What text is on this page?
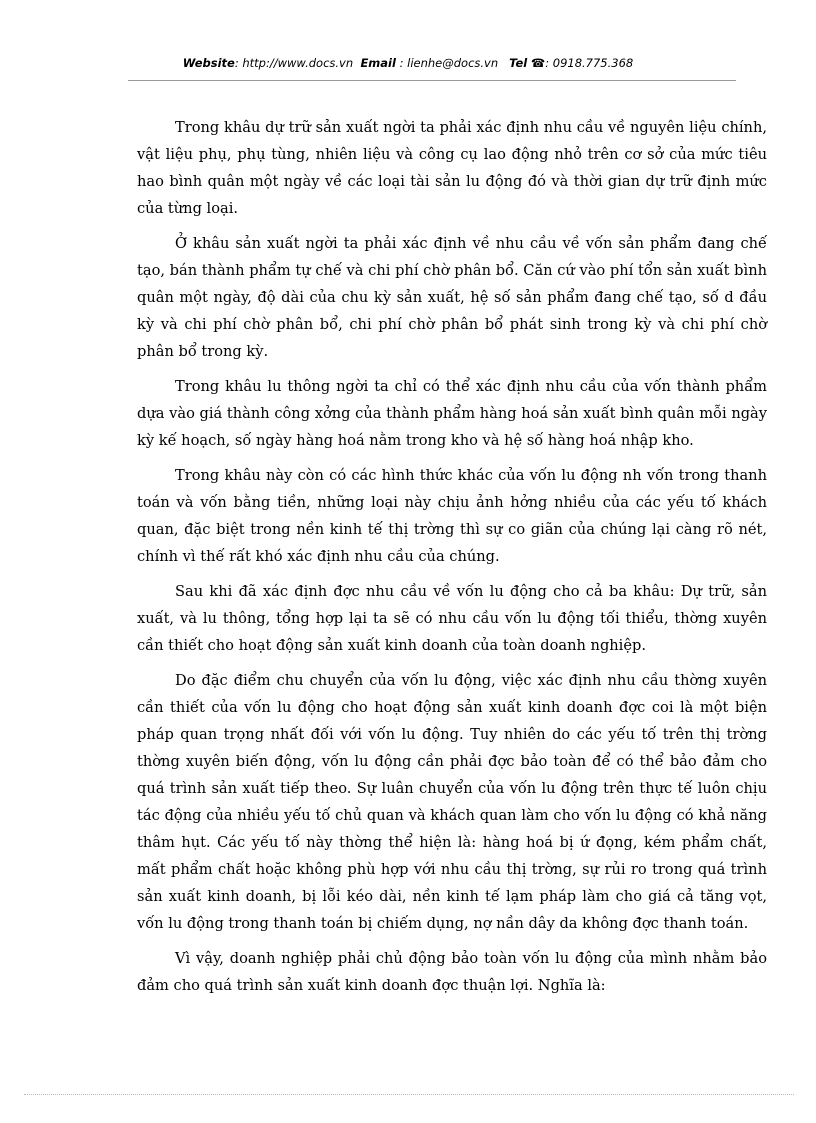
Website: http://www.docs.vn Email : lienhe@docs.vn Tel ☎: 0918.775.368

Trong khâu dự trữ sản xuất ngời ta phải xác định nhu cầu về nguyên liệu chính, vật liệu phụ, phụ tùng, nhiên liệu và công cụ lao động nhỏ trên cơ sở của mức tiêu hao bình quân một ngày về các loại tài sản lu động đó và thời gian dự trữ định mức của từng loại.

Ở khâu sản xuất ngời ta phải xác định về nhu cầu về vốn sản phẩm đang chế tạo, bán thành phẩm tự chế và chi phí chờ phân bổ. Căn cứ vào phí tổn sản xuất bình quân một ngày, độ dài của chu kỳ sản xuất, hệ số sản phẩm đang chế tạo, số d đầu kỳ và chi phí chờ phân bổ, chi phí chờ phân bổ phát sinh trong kỳ và chi phí chờ phân bổ trong kỳ.

Trong khâu lu thông ngời ta chỉ có thể xác định nhu cầu của vốn thành phẩm dựa vào giá thành công xởng của thành phẩm hàng hoá sản xuất bình quân mỗi ngày kỳ kế hoạch, số ngày hàng hoá nằm trong kho và hệ số hàng hoá nhập kho.

Trong khâu này còn có các hình thức khác của vốn lu động nh vốn trong thanh toán và vốn bằng tiền, những loại này chịu ảnh hởng nhiều của các yếu tố khách quan, đặc biệt trong nền kinh tế thị trờng thì sự co giãn của chúng lại càng rõ nét, chính vì thế rất khó xác định nhu cầu của chúng.

Sau khi đã xác định đợc nhu cầu về vốn lu động cho cả ba khâu: Dự trữ, sản xuất, và lu thông, tổng hợp lại ta sẽ có nhu cầu vốn lu động tối thiểu, thờng xuyên cần thiết cho hoạt động sản xuất kinh doanh của toàn doanh nghiệp.

Do đặc điểm chu chuyển của vốn lu động, việc xác định nhu cầu thờng xuyên cần thiết của vốn lu động cho hoạt động sản xuất kinh doanh đợc coi là một biện pháp quan trọng nhất đối với vốn lu động. Tuy nhiên do các yếu tố trên thị trờng thờng xuyên biến động, vốn lu động cần phải đợc bảo toàn để có thể bảo đảm cho quá trình sản xuất tiếp theo. Sự luân chuyển của vốn lu động trên thực tế luôn chịu tác động của nhiều yếu tố chủ quan và khách quan làm cho vốn lu động có khả năng thâm hụt. Các yếu tố này thờng thể hiện là: hàng hoá bị ứ đọng, kém phẩm chất, mất phẩm chất hoặc không phù hợp với nhu cầu thị trờng, sự rủi ro trong quá trình sản xuất kinh doanh, bị lỗi kéo dài, nền kinh tế lạm pháp làm cho giá cả tăng vọt, vốn lu động trong thanh toán bị chiếm dụng, nợ nần dây da không đợc thanh toán.

Vì vậy, doanh nghiệp phải chủ động bảo toàn vốn lu động của mình nhằm bảo đảm cho quá trình sản xuất kinh doanh đợc thuận lợi. Nghĩa là:
